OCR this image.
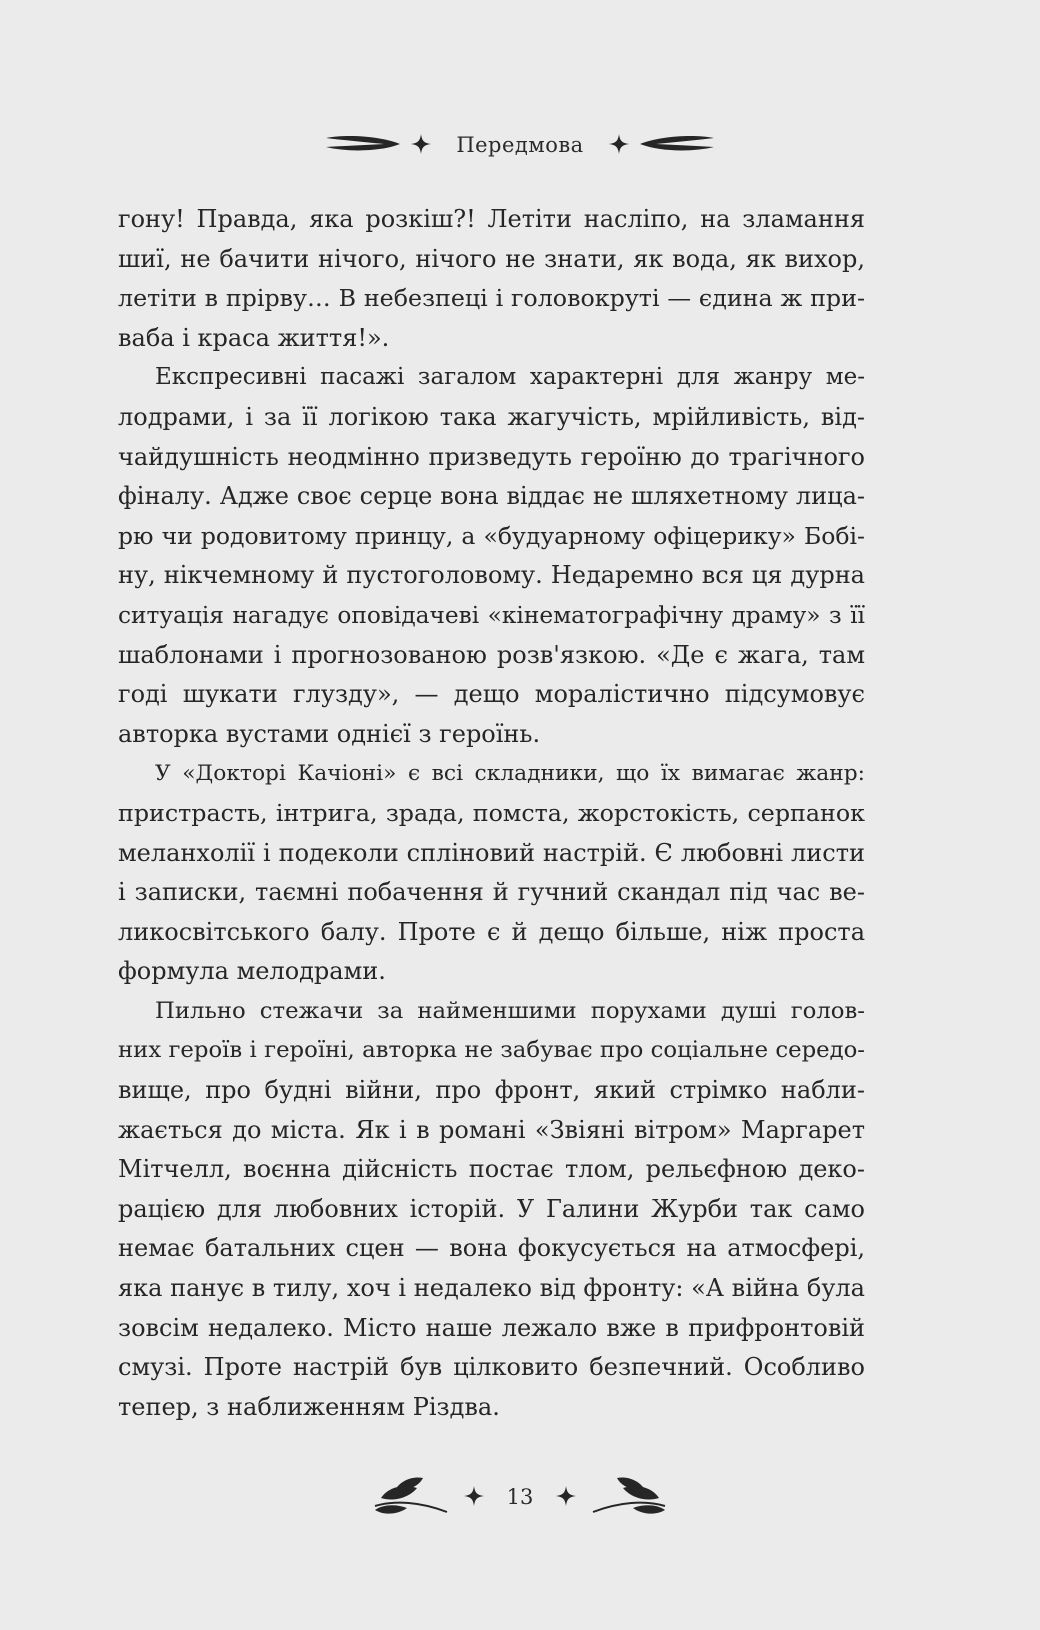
Передмова
гону! Правда, яка розкіш?! Летіти насліпо, на зламання
шиї, не бачити нічого, нічого не знати, як вода, як вихор,
летіти в прірву… В небезпеці і головокруті — єдина ж при-
ваба і краса життя!».
Експресивні пасажі загалом характерні для жанру ме-
лодрами, і за її логікою така жагучість, мрійливість, від-
чайдушність неодмінно призведуть героїню до трагічного
фіналу. Адже своє серце вона віддає не шляхетному лица-
рю чи родовитому принцу, а «будуарному офіцерику» Бобі-
ну, нікчемному й пустоголовому. Недаремно вся ця дурна
ситуація нагадує оповідачеві «кінематографічну драму» з її
шаблонами і прогнозованою розв'язкою. «Де є жага, там
годі шукати глузду», — дещо моралістично підсумовує
авторка вустами однієї з героїнь.
У «Докторі Качіоні» є всі складники, що їх вимагає жанр:
пристрасть, інтрига, зрада, помста, жорстокість, серпанок
меланхолії і подеколи сплінoвий настрій. Є любовні листи
і записки, таємні побачення й гучний скандал під час ве-
ликосвітського балу. Проте є й дещо більше, ніж проста
формула мелодрами.
Пильно стежачи за найменшими порухами душі голов-
них героїв і героїні, авторка не забуває про соціальне середо-
вище, про будні війни, про фронт, який стрімко набли-
жається до міста. Як і в романі «Звіяні вітром» Маргарет
Мітчелл, воєнна дійсність постає тлом, рельєфною деко-
рацією для любовних історій. У Галини Журби так само
немає батальних сцен — вона фокусується на атмосфері,
яка панує в тилу, хоч і недалеко від фронту: «А війна була
зовсім недалеко. Місто наше лежало вже в прифронтовій
смузі. Проте настрій був цілковито безпечний. Особливо
тепер, з наближенням Різдва.
13
